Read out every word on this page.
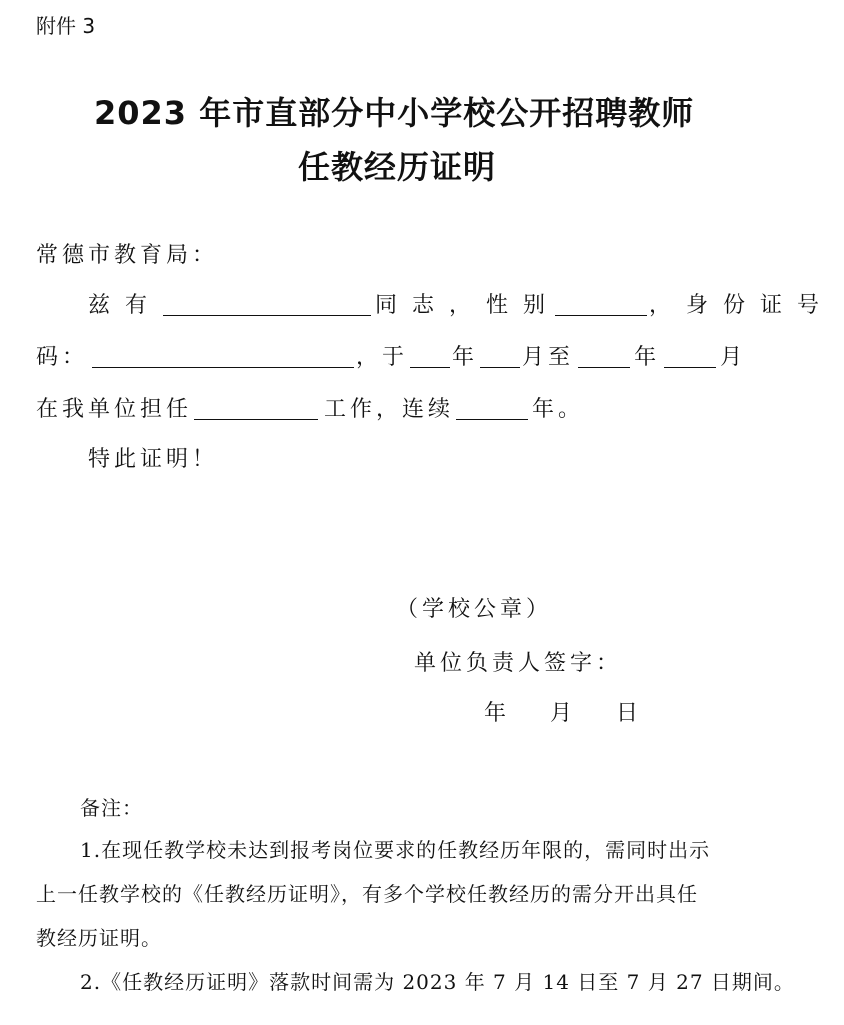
附件 3
2023 年市直部分中小学校公开招聘教师
任教经历证明
常德市教育局：
兹 有	同 志 ， 性 别	， 身 份 证 号
码：	，于 年 月至	年	月
在我单位担任	工作，连续	年。
特此证明！
（学校公章）
单位负责人签字：
年 月 日
备注：
1.在现任教学校未达到报考岗位要求的任教经历年限的，需同时出示
上一任教学校的《任教经历证明》，有多个学校任教经历的需分开出具任
教经历证明。
2.《任教经历证明》落款时间需为 2023 年 7 月 14 日至 7 月 27 日期间。
